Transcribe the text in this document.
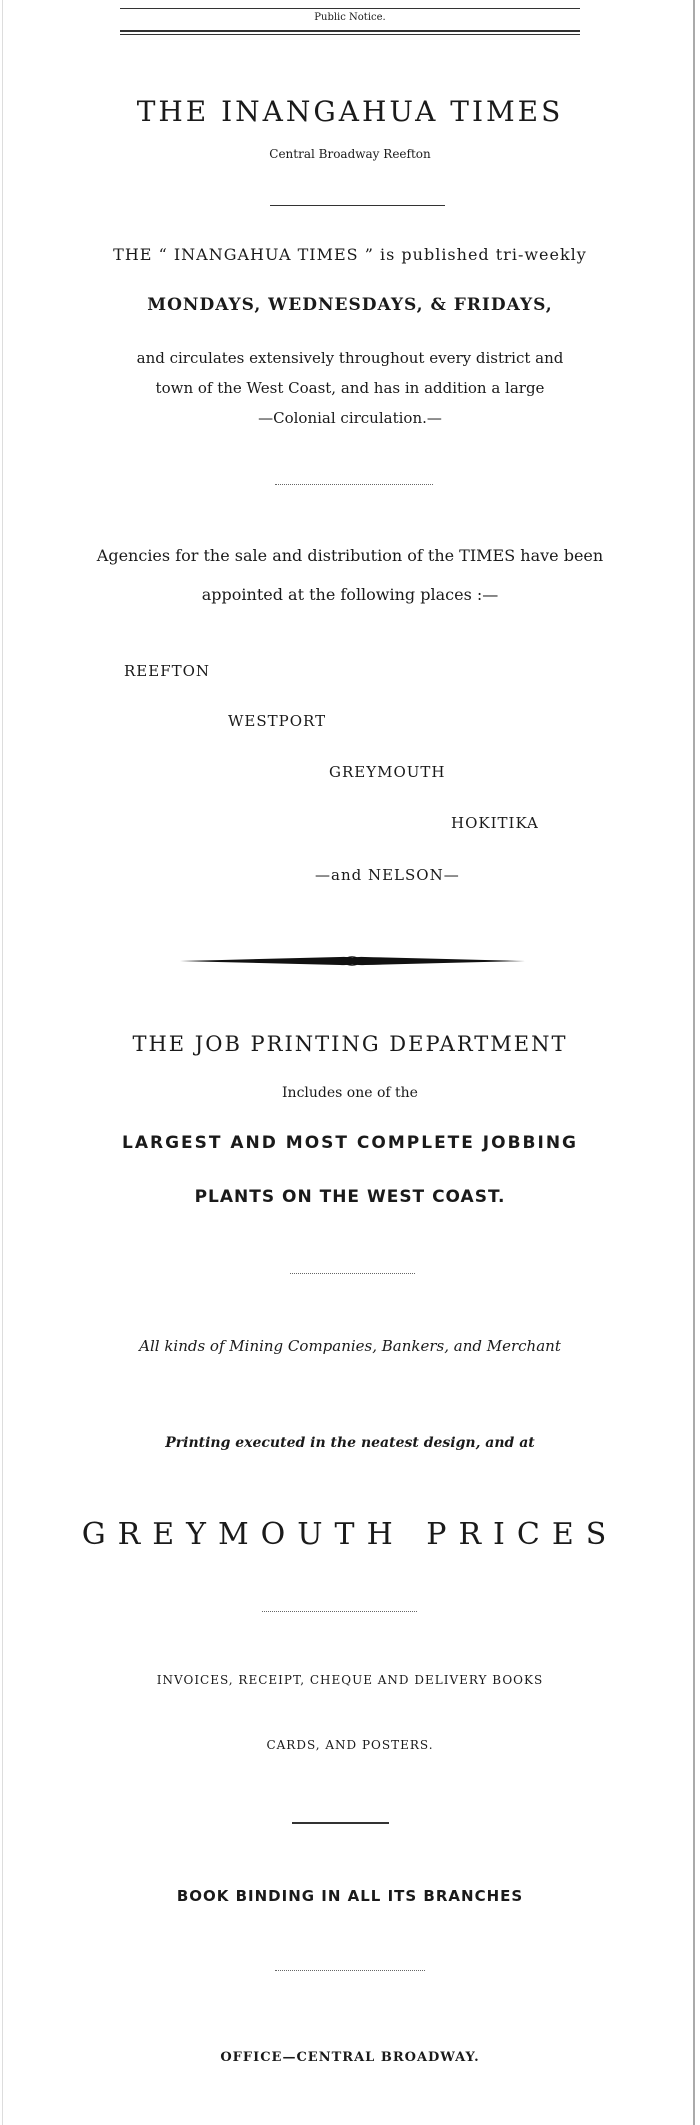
Public Notice.
THE INANGAHUA TIMES
Central Broadway Reefton
THE “ INANGAHUA TIMES ” is published tri-weekly
MONDAYS, WEDNESDAYS, & FRIDAYS,
and circulates extensively throughout every district and
town of the West Coast, and has in addition a large
—Colonial circulation.—
Agencies for the sale and distribution of the TIMES have been
appointed at the following places :—
REEFTON
WESTPORT
GREYMOUTH
HOKITIKA
—and NELSON—
THE JOB PRINTING DEPARTMENT
Includes one of the
LARGEST AND MOST COMPLETE JOBBING
PLANTS ON THE WEST COAST.
All kinds of Mining Companies, Bankers, and Merchant
Printing executed in the neatest design, and at
GREYMOUTH PRICES
INVOICES, RECEIPT, CHEQUE AND DELIVERY BOOKS
CARDS, AND POSTERS.
BOOK BINDING IN ALL ITS BRANCHES
OFFICE—CENTRAL BROADWAY.
